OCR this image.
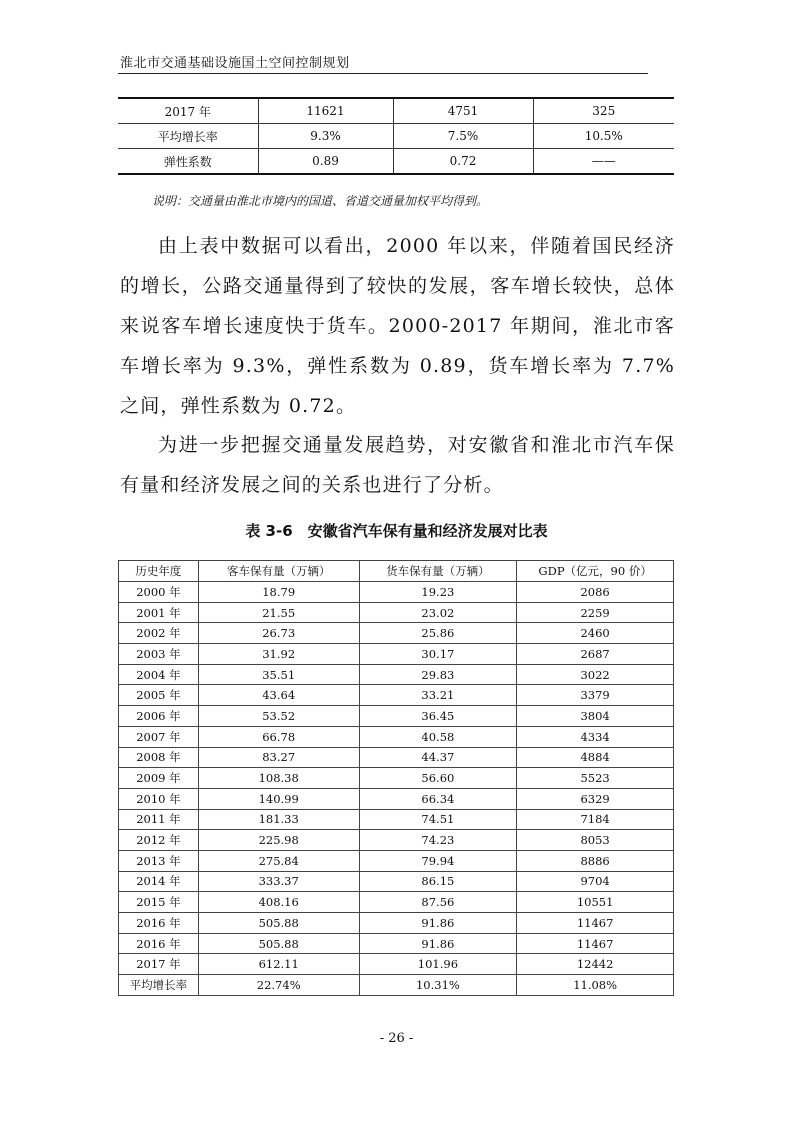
淮北市交通基础设施国土空间控制规划
2017 年	11621	4751	325
平均增长率	9.3%	7.5%	10.5%
弹性系数	0.89	0.72	——
说明：交通量由淮北市境内的国道、省道交通量加权平均得到。

由上表中数据可以看出，2000 年以来，伴随着国民经济的增长，公路交通量得到了较快的发展，客车增长较快，总体来说客车增长速度快于货车。2000-2017 年期间，淮北市客车增长率为 9.3%，弹性系数为 0.89，货车增长率为 7.7%之间，弹性系数为 0.72。

为进一步把握交通量发展趋势，对安徽省和淮北市汽车保有量和经济发展之间的关系也进行了分析。

表 3-6　安徽省汽车保有量和经济发展对比表
历史年度	客车保有量（万辆）	货车保有量（万辆）	GDP（亿元，90 价）
2000 年	18.79	19.23	2086
2001 年	21.55	23.02	2259
2002 年	26.73	25.86	2460
2003 年	31.92	30.17	2687
2004 年	35.51	29.83	3022
2005 年	43.64	33.21	3379
2006 年	53.52	36.45	3804
2007 年	66.78	40.58	4334
2008 年	83.27	44.37	4884
2009 年	108.38	56.60	5523
2010 年	140.99	66.34	6329
2011 年	181.33	74.51	7184
2012 年	225.98	74.23	8053
2013 年	275.84	79.94	8886
2014 年	333.37	86.15	9704
2015 年	408.16	87.56	10551
2016 年	505.88	91.86	11467
2016 年	505.88	91.86	11467
2017 年	612.11	101.96	12442
平均增长率	22.74%	10.31%	11.08%
- 26 -
